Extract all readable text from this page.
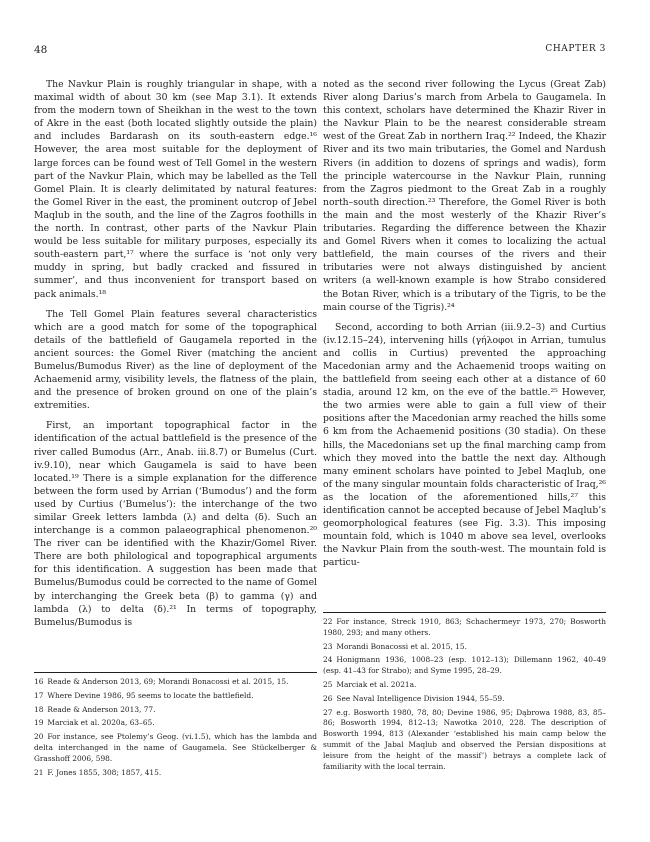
48	CHAPTER 3

The Navkur Plain is roughly triangular in shape, with a maximal width of about 30 km (see Map 3.1). It extends from the modern town of Sheikhan in the west to the town of Akre in the east (both located slightly outside the plain) and includes Bardarash on its south-eastern edge.¹⁶ However, the area most suitable for the deployment of large forces can be found west of Tell Gomel in the western part of the Navkur Plain, which may be labelled as the Tell Gomel Plain. It is clearly delimitated by natural features: the Gomel River in the east, the prominent outcrop of Jebel Maqlub in the south, and the line of the Zagros foothills in the north. In contrast, other parts of the Navkur Plain would be less suitable for military purposes, especially its south-eastern part,¹⁷ where the surface is ‘not only very muddy in spring, but badly cracked and fissured in summer’, and thus inconvenient for transport based on pack animals.¹⁸

The Tell Gomel Plain features several characteristics which are a good match for some of the topographical details of the battlefield of Gaugamela reported in the ancient sources: the Gomel River (matching the ancient Bumelus/Bumodus River) as the line of deployment of the Achaemenid army, visibility levels, the flatness of the plain, and the presence of broken ground on one of the plain’s extremities.

First, an important topographical factor in the identification of the actual battlefield is the presence of the river called Bumodus (Arr., Anab. iii.8.7) or Bumelus (Curt. iv.9.10), near which Gaugamela is said to have been located.¹⁹ There is a simple explanation for the difference between the form used by Arrian (‘Bumodus’) and the form used by Curtius (‘Bumelus’): the interchange of the two similar Greek letters lambda (λ) and delta (δ). Such an interchange is a common palaeographical phenomenon.²⁰ The river can be identified with the Khazir/Gomel River. There are both philological and topographical arguments for this identification. A suggestion has been made that Bumelus/Bumodus could be corrected to the name of Gomel by interchanging the Greek beta (β) to gamma (γ) and lambda (λ) to delta (δ).²¹ In terms of topography, Bumelus/Bumodus is

noted as the second river following the Lycus (Great Zab) River along Darius’s march from Arbela to Gaugamela. In this context, scholars have determined the Khazir River in the Navkur Plain to be the nearest considerable stream west of the Great Zab in northern Iraq.²² Indeed, the Khazir River and its two main tributaries, the Gomel and Nardush Rivers (in addition to dozens of springs and wadis), form the principle watercourse in the Navkur Plain, running from the Zagros piedmont to the Great Zab in a roughly north–south direction.²³ Therefore, the Gomel River is both the main and the most westerly of the Khazir River’s tributaries. Regarding the difference between the Khazir and Gomel Rivers when it comes to localizing the actual battlefield, the main courses of the rivers and their tributaries were not always distinguished by ancient writers (a well-known example is how Strabo considered the Botan River, which is a tributary of the Tigris, to be the main course of the Tigris).²⁴

Second, according to both Arrian (iii.9.2–3) and Curtius (iv.12.15–24), intervening hills (γήλοφοι in Arrian, tumulus and collis in Curtius) prevented the approaching Macedonian army and the Achaemenid troops waiting on the battlefield from seeing each other at a distance of 60 stadia, around 12 km, on the eve of the battle.²⁵ However, the two armies were able to gain a full view of their positions after the Macedonian army reached the hills some 6 km from the Achaemenid positions (30 stadia). On these hills, the Macedonians set up the final marching camp from which they moved into the battle the next day. Although many eminent scholars have pointed to Jebel Maqlub, one of the many singular mountain folds characteristic of Iraq,²⁶ as the location of the aforementioned hills,²⁷ this identification cannot be accepted because of Jebel Maqlub’s geomorphological features (see Fig. 3.3). This imposing mountain fold, which is 1040 m above sea level, overlooks the Navkur Plain from the south-west. The mountain fold is particu-

16 Reade & Anderson 2013, 69; Morandi Bonacossi et al. 2015, 15.

17 Where Devine 1986, 95 seems to locate the battlefield.

18 Reade & Anderson 2013, 77.

19 Marciak et al. 2020a, 63–65.

20 For instance, see Ptolemy’s Geog. (vi.1.5), which has the lambda and delta interchanged in the name of Gaugamela. See Stückelberger & Grasshoff 2006, 598.

21 F. Jones 1855, 308; 1857, 415.

22 For instance, Streck 1910, 863; Schachermeyr 1973, 270; Bosworth 1980, 293; and many others.

23 Morandi Bonacossi et al. 2015, 15.

24 Honigmann 1936, 1008–23 (esp. 1012–13); Dillemann 1962, 40–49 (esp. 41–43 for Strabo); and Syme 1995, 28–29.

25 Marciak et al. 2021a.

26 See Naval Intelligence Division 1944, 55–59.

27 e.g. Bosworth 1980, 78, 80; Devine 1986, 95; Dąbrowa 1988, 83, 85–86; Bosworth 1994, 812–13; Nawotka 2010, 228. The description of Bosworth 1994, 813 (Alexander ‘established his main camp below the summit of the Jabal Maqlub and observed the Persian dispositions at leisure from the height of the massif’) betrays a complete lack of familiarity with the local terrain.
